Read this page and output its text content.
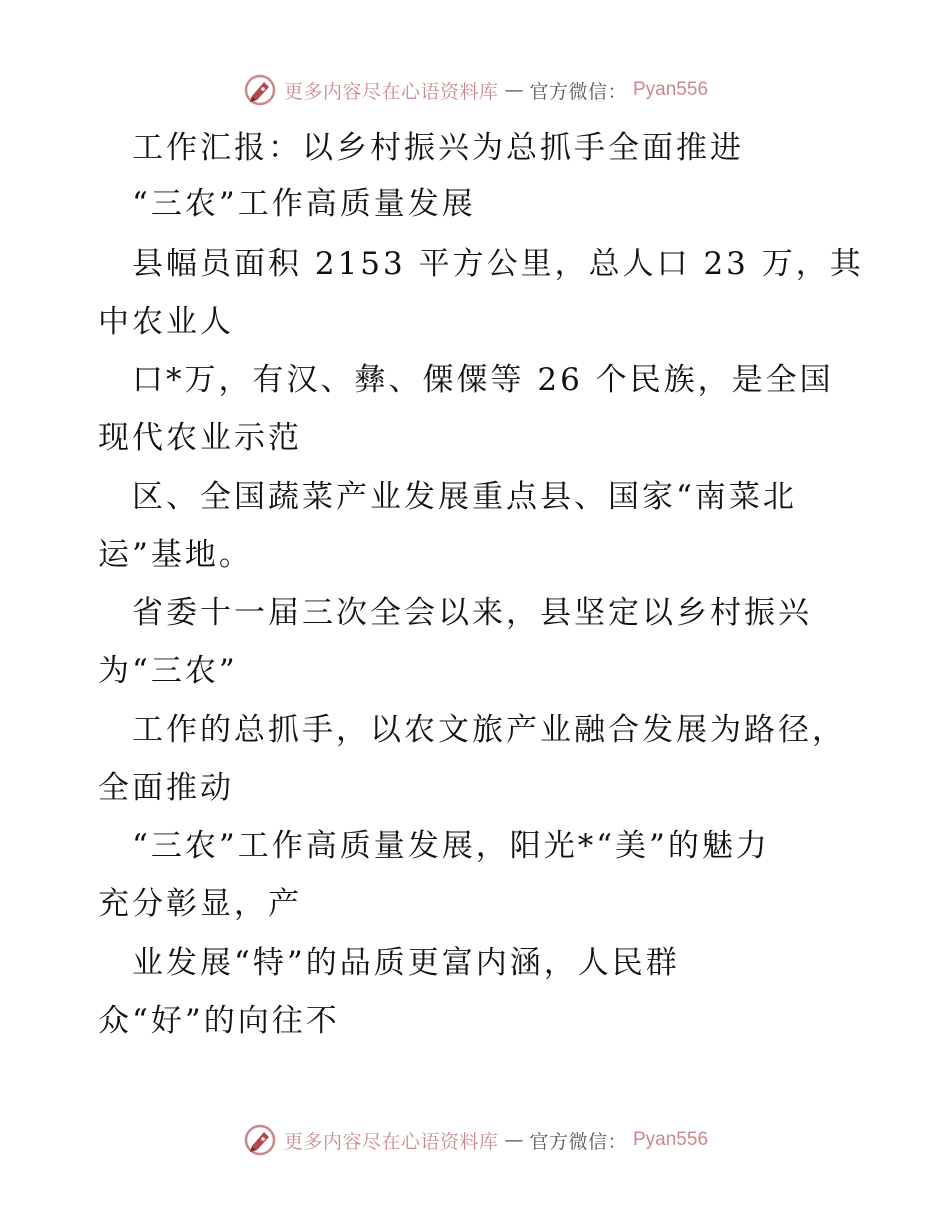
更多内容尽在心语资料库 — 官方微信： Pyan556
　工作汇报：以乡村振兴为总抓手全面推进
　“三农”工作高质量发展
　县幅员面积 2153 平方公里，总人口 23 万，其
中农业人
　口*万，有汉、彝、傈僳等 26 个民族，是全国
现代农业示范
　区、全国蔬菜产业发展重点县、国家“南菜北
运”基地。
　省委十一届三次全会以来，县坚定以乡村振兴
为“三农”
　工作的总抓手，以农文旅产业融合发展为路径，
全面推动
　“三农”工作高质量发展，阳光*“美”的魅力
充分彰显，产
　业发展“特”的品质更富内涵，人民群
众“好”的向往不
更多内容尽在心语资料库 — 官方微信： Pyan556
